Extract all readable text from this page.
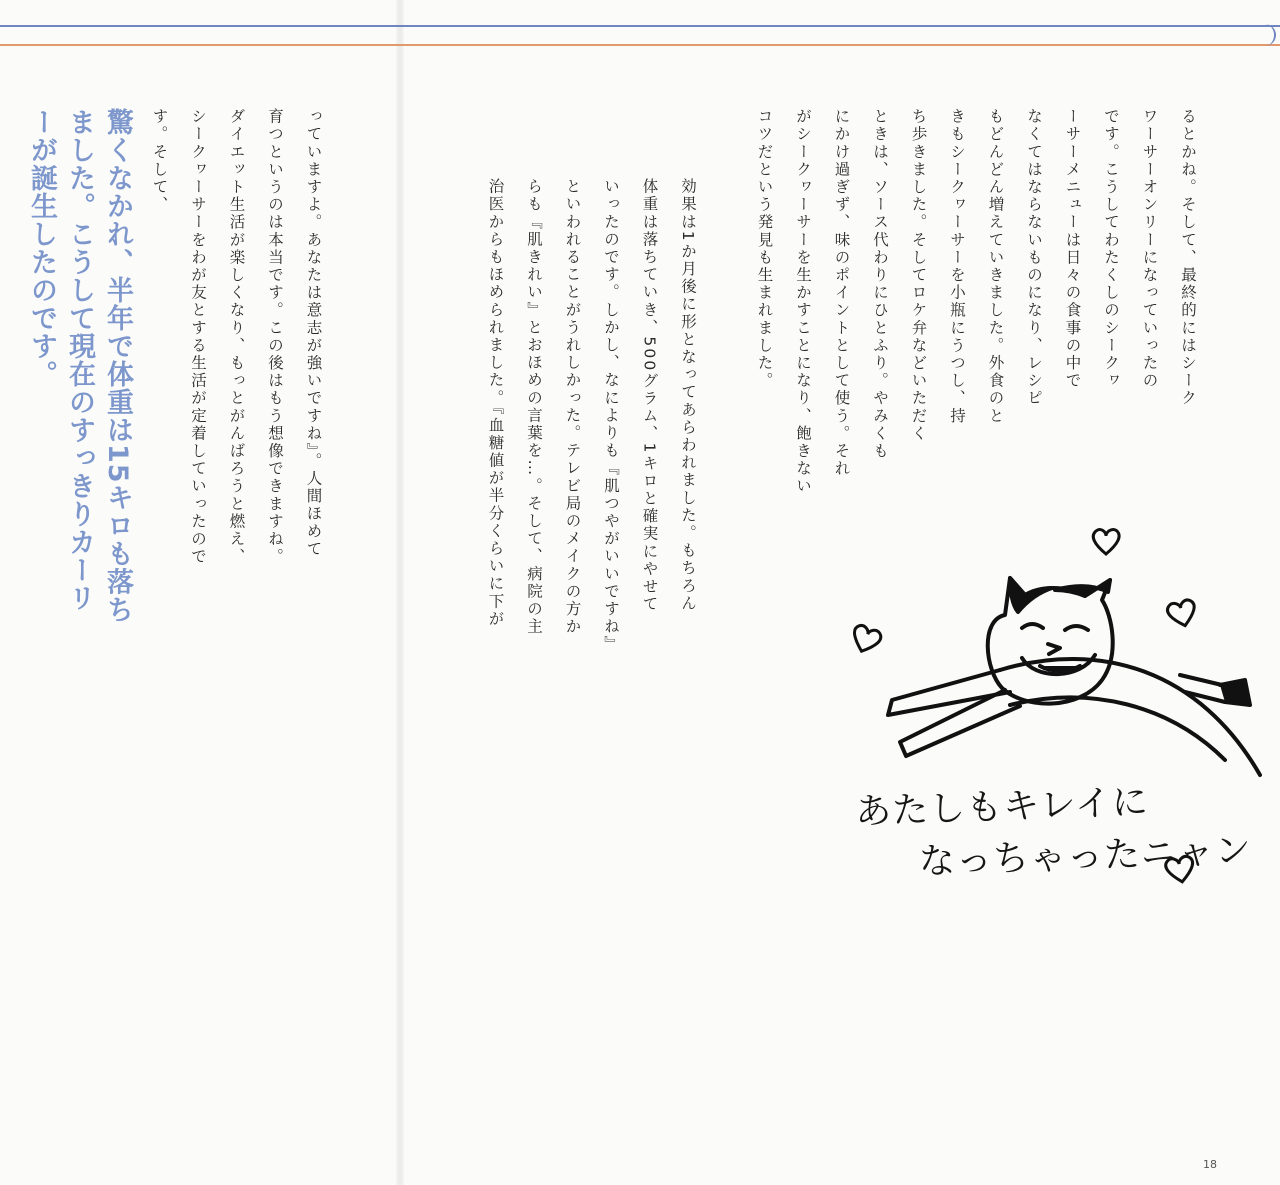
るとかね。そして、最終的にはシーク
ワーサーオンリーになっていったの
です。こうしてわたくしのシークヮ
ーサーメニューは日々の食事の中で
なくてはならないものになり、レシピ
もどんどん増えていきました。外食のと
きもシークヮーサーを小瓶にうつし、持
ち歩きました。そしてロケ弁などいただく
ときは、ソース代わりにひとふり。やみくも
にかけ過ぎず、味のポイントとして使う。それ
がシークヮーサーを生かすことになり、飽きない
コツだという発見も生まれました。
効果は1か月後に形となってあらわれました。もちろん
体重は落ちていき、500グラム、1キロと確実にやせて
いったのです。しかし、なによりも『肌つやがいいですね』
といわれることがうれしかった。テレビ局のメイクの方か
らも『肌きれい』とおほめの言葉を…。そして、病院の主
治医からもほめられました。『血糖値が半分くらいに下が
っていますよ。あなたは意志が強いですね』。人間ほめて
育つというのは本当です。この後はもう想像できますね。
ダイエット生活が楽しくなり、もっとがんばろうと燃え、
シークヮーサーをわが友とする生活が定着していったので
す。そして、
驚くなかれ、半年で体重は15キロも落ち
ました。こうして現在のすっきりカーリ
ーが誕生したのです。
あたしもキレイに
なっちゃったニャン
18
